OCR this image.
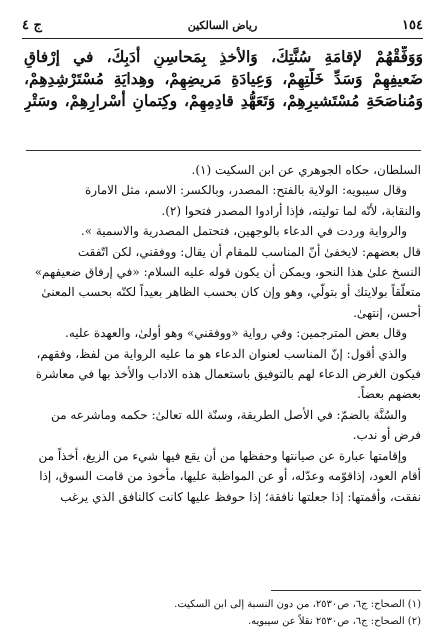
١٥٤
رياض السالكين
ج ٤
وَوَفِّقْهُمْ لإقامَةِ سُنَّتِكَ، وَالأخذِ بِمَحاسِنِ أدَبِكَ، في إرْفاقِ
ضَعيفِهِمْ وَسَدِّ خَلَّتِهِمْ، وَعِيادَةِ مَريضِهِمْ، وهِدايَةِ مُسْتَرْشِدِهِمْ،
وَمُناصَحَةِ مُسْتَشيرِهِمْ، وَتَعَهُّدِ قادِمِهِمْ، وكِتمانِ أسْرارِهِمْ، وسَتْرِ
السلطان، حكاه الجوهري عن ابن السكيت (١).
وقال سيبويه: الولاية بالفتح: المصدر، وبالكسر: الاسم، مثل الامارة
والنقابة، لأنّه لما توليته، فإذا أرادوا المصدر فتحوا (٢).
والرواية وردت في الدعاء بالوجهين، فتحتمل المصدرية والاسمية ».
قال بعضهم: لايخفىٰ أنّ المناسب للمقام أن يقال: ووفقني، لكن اتّفقت
النسخ علىٰ هذا النحو، ويمكن أن يكون قوله عليه السلام: «في إرفاق ضعيفهم»
متعلّقاً بولايتك أو بتولّي، وهو وإن كان بحسب الظاهر بعيداً لكنّه بحسب المعنىٰ
أحسن، إنتهىٰ.
وقال بعض المترجمين: وفي رواية «ووفقني» وهو أولىٰ، والعهدة عليه.
والذي أقول: إنّ المناسب لعنوان الدعاء هو ما عليه الرواية من لفظ، وفقهم،
فيكون الغرض الدعاء لهم بالتوفيق باستعمال هذه الاداب والأخذ بها في معاشرة
بعضهم بعضاً.
والسُنَّة بالضمّ: في الأصل الطريقة، وسنّة الله تعالىٰ: حكمه وماشرعه من
فرض أو ندب.
وإقامتها عبارة عن صيانتها وحفظها من أن يقع فيها شيء من الزيغ، أخذاً من
أقام العود، إذاقوّمه وعدّله، أو عن المواظبة عليها، مأخوذ من قامت السوق، إذا
نفقت، وأقمتها: إذا جعلتها نافقة؛ إذا حوفظ عليها كانت كالنافق الذي يرغب
(١) الصحاح: ج٦، ص٢٥٣٠، من دون النسبة إلى ابن السكيت.
(٢) الصحاح: ج٦، ص٢٥٣٠ نقلاً عن سيبويه.
